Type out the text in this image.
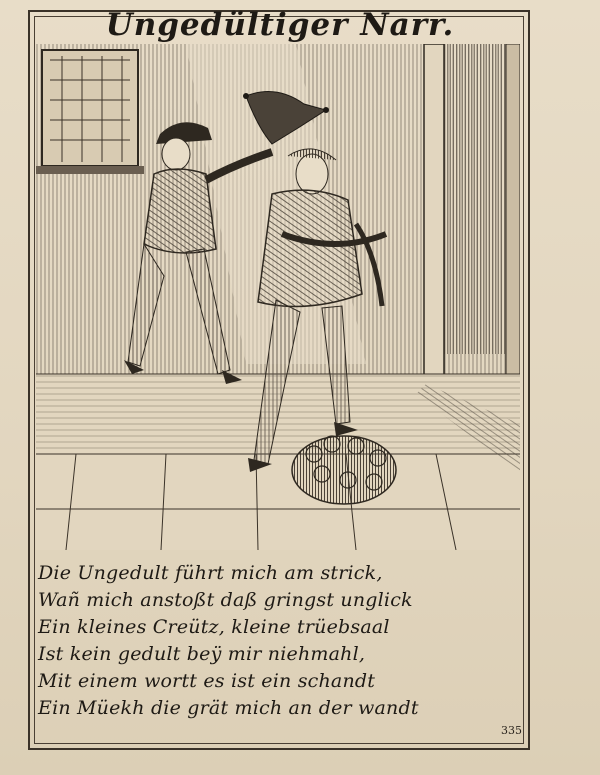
Ungedültiger Narr.
Die Ungedult führt mich am strick,
Wañ mich anstoßt daß gringst unglick
Ein kleines Creütz, kleine trüebsaal
Ist kein gedult beÿ mir niehmahl,
Mit einem wortt es ist ein schandt
Ein Müekh die grät mich an der wandt
335
